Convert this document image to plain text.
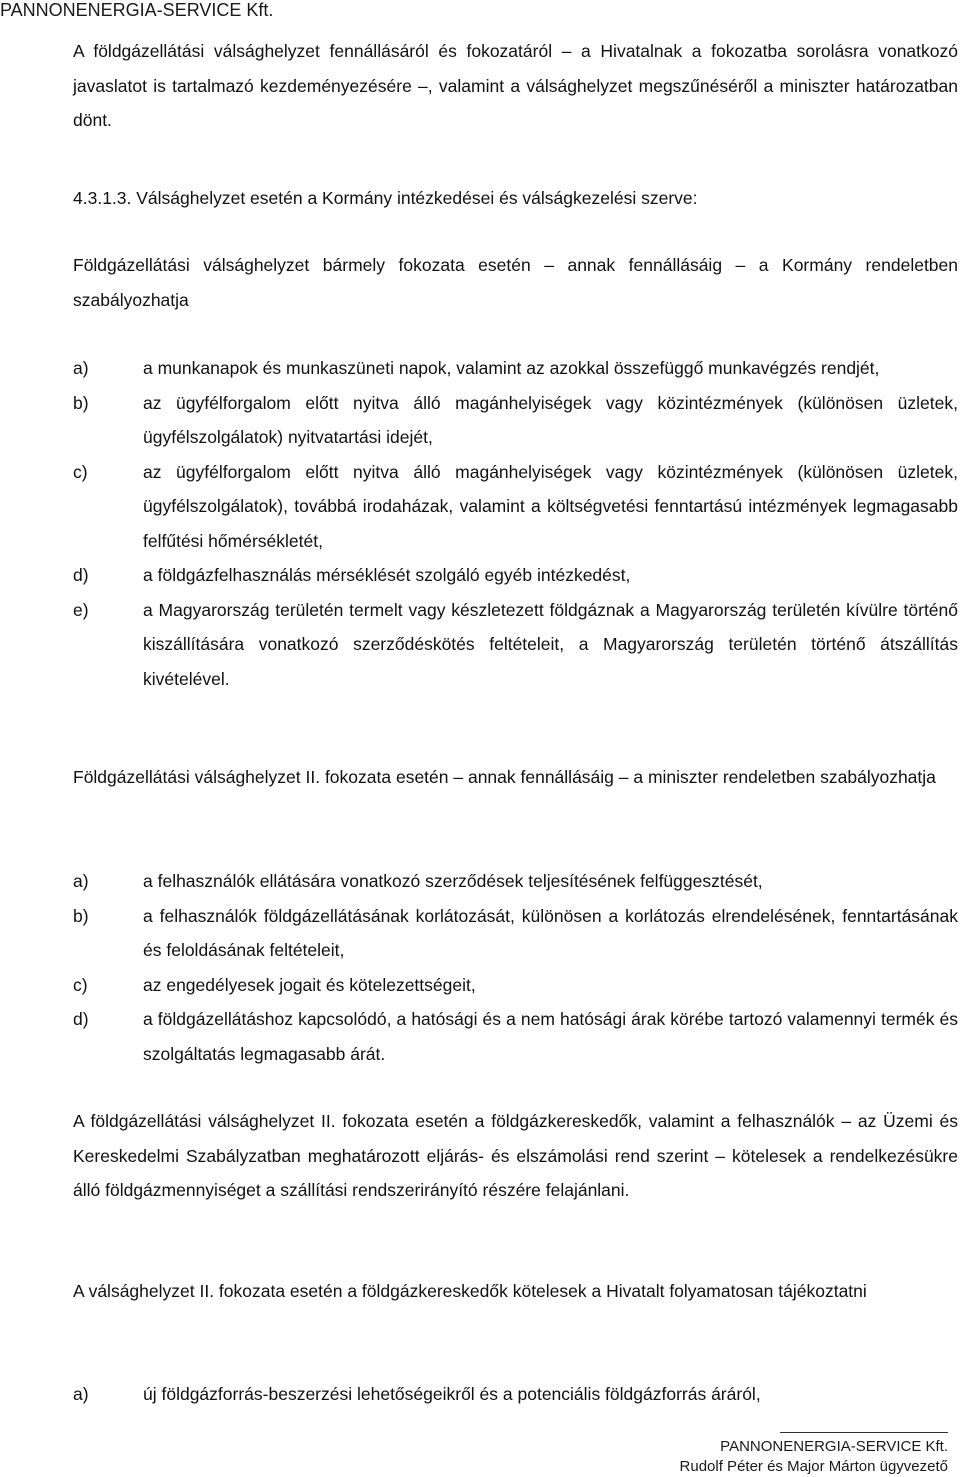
PANNONENERGIA-SERVICE Kft.

A földgázellátási válsághelyzet fennállásáról és fokozatáról – a Hivatalnak a fokozatba sorolásra vonatkozó javaslatot is tartalmazó kezdeményezésére –, valamint a válsághelyzet megszűnéséről a miniszter határozatban dönt.

4.3.1.3. Válsághelyzet esetén a Kormány intézkedései és válságkezelési szerve:

Földgázellátási válsághelyzet bármely fokozata esetén – annak fennállásáig – a Kormány rendeletben szabályozhatja

a)	a munkanapok és munkaszüneti napok, valamint az azokkal összefüggő munkavégzés rendjét,
b)	az ügyfélforgalom előtt nyitva álló magánhelyiségek vagy közintézmények (különösen üzletek, ügyfélszolgálatok) nyitvatartási idejét,
c)	az ügyfélforgalom előtt nyitva álló magánhelyiségek vagy közintézmények (különösen üzletek, ügyfélszolgálatok), továbbá irodaházak, valamint a költségvetési fenntartású intézmények legmagasabb felfűtési hőmérsékletét,
d)	a földgázfelhasználás mérséklését szolgáló egyéb intézkedést,
e)	a Magyarország területén termelt vagy készletezett földgáznak a Magyarország területén kívülre történő kiszállítására vonatkozó szerződéskötés feltételeit, a Magyarország területén történő átszállítás kivételével.

Földgázellátási válsághelyzet II. fokozata esetén – annak fennállásáig – a miniszter rendeletben szabályozhatja

a)	a felhasználók ellátására vonatkozó szerződések teljesítésének felfüggesztését,
b)	a felhasználók földgázellátásának korlátozását, különösen a korlátozás elrendelésének, fenntartásának és feloldásának feltételeit,
c)	az engedélyesek jogait és kötelezettségeit,
d)	a földgázellátáshoz kapcsolódó, a hatósági és a nem hatósági árak körébe tartozó valamennyi termék és szolgáltatás legmagasabb árát.

A földgázellátási válsághelyzet II. fokozata esetén a földgázkereskedők, valamint a felhasználók – az Üzemi és Kereskedelmi Szabályzatban meghatározott eljárás- és elszámolási rend szerint – kötelesek a rendelkezésükre álló földgázmennyiséget a szállítási rendszerirányító részére felajánlani.

A válsághelyzet II. fokozata esetén a földgázkereskedők kötelesek a Hivatalt folyamatosan tájékoztatni

a)	új földgázforrás-beszerzési lehetőségeikről és a potenciális földgázforrás áráról,
PANNONENERGIA-SERVICE Kft.
Rudolf Péter és Major Márton ügyvezető
